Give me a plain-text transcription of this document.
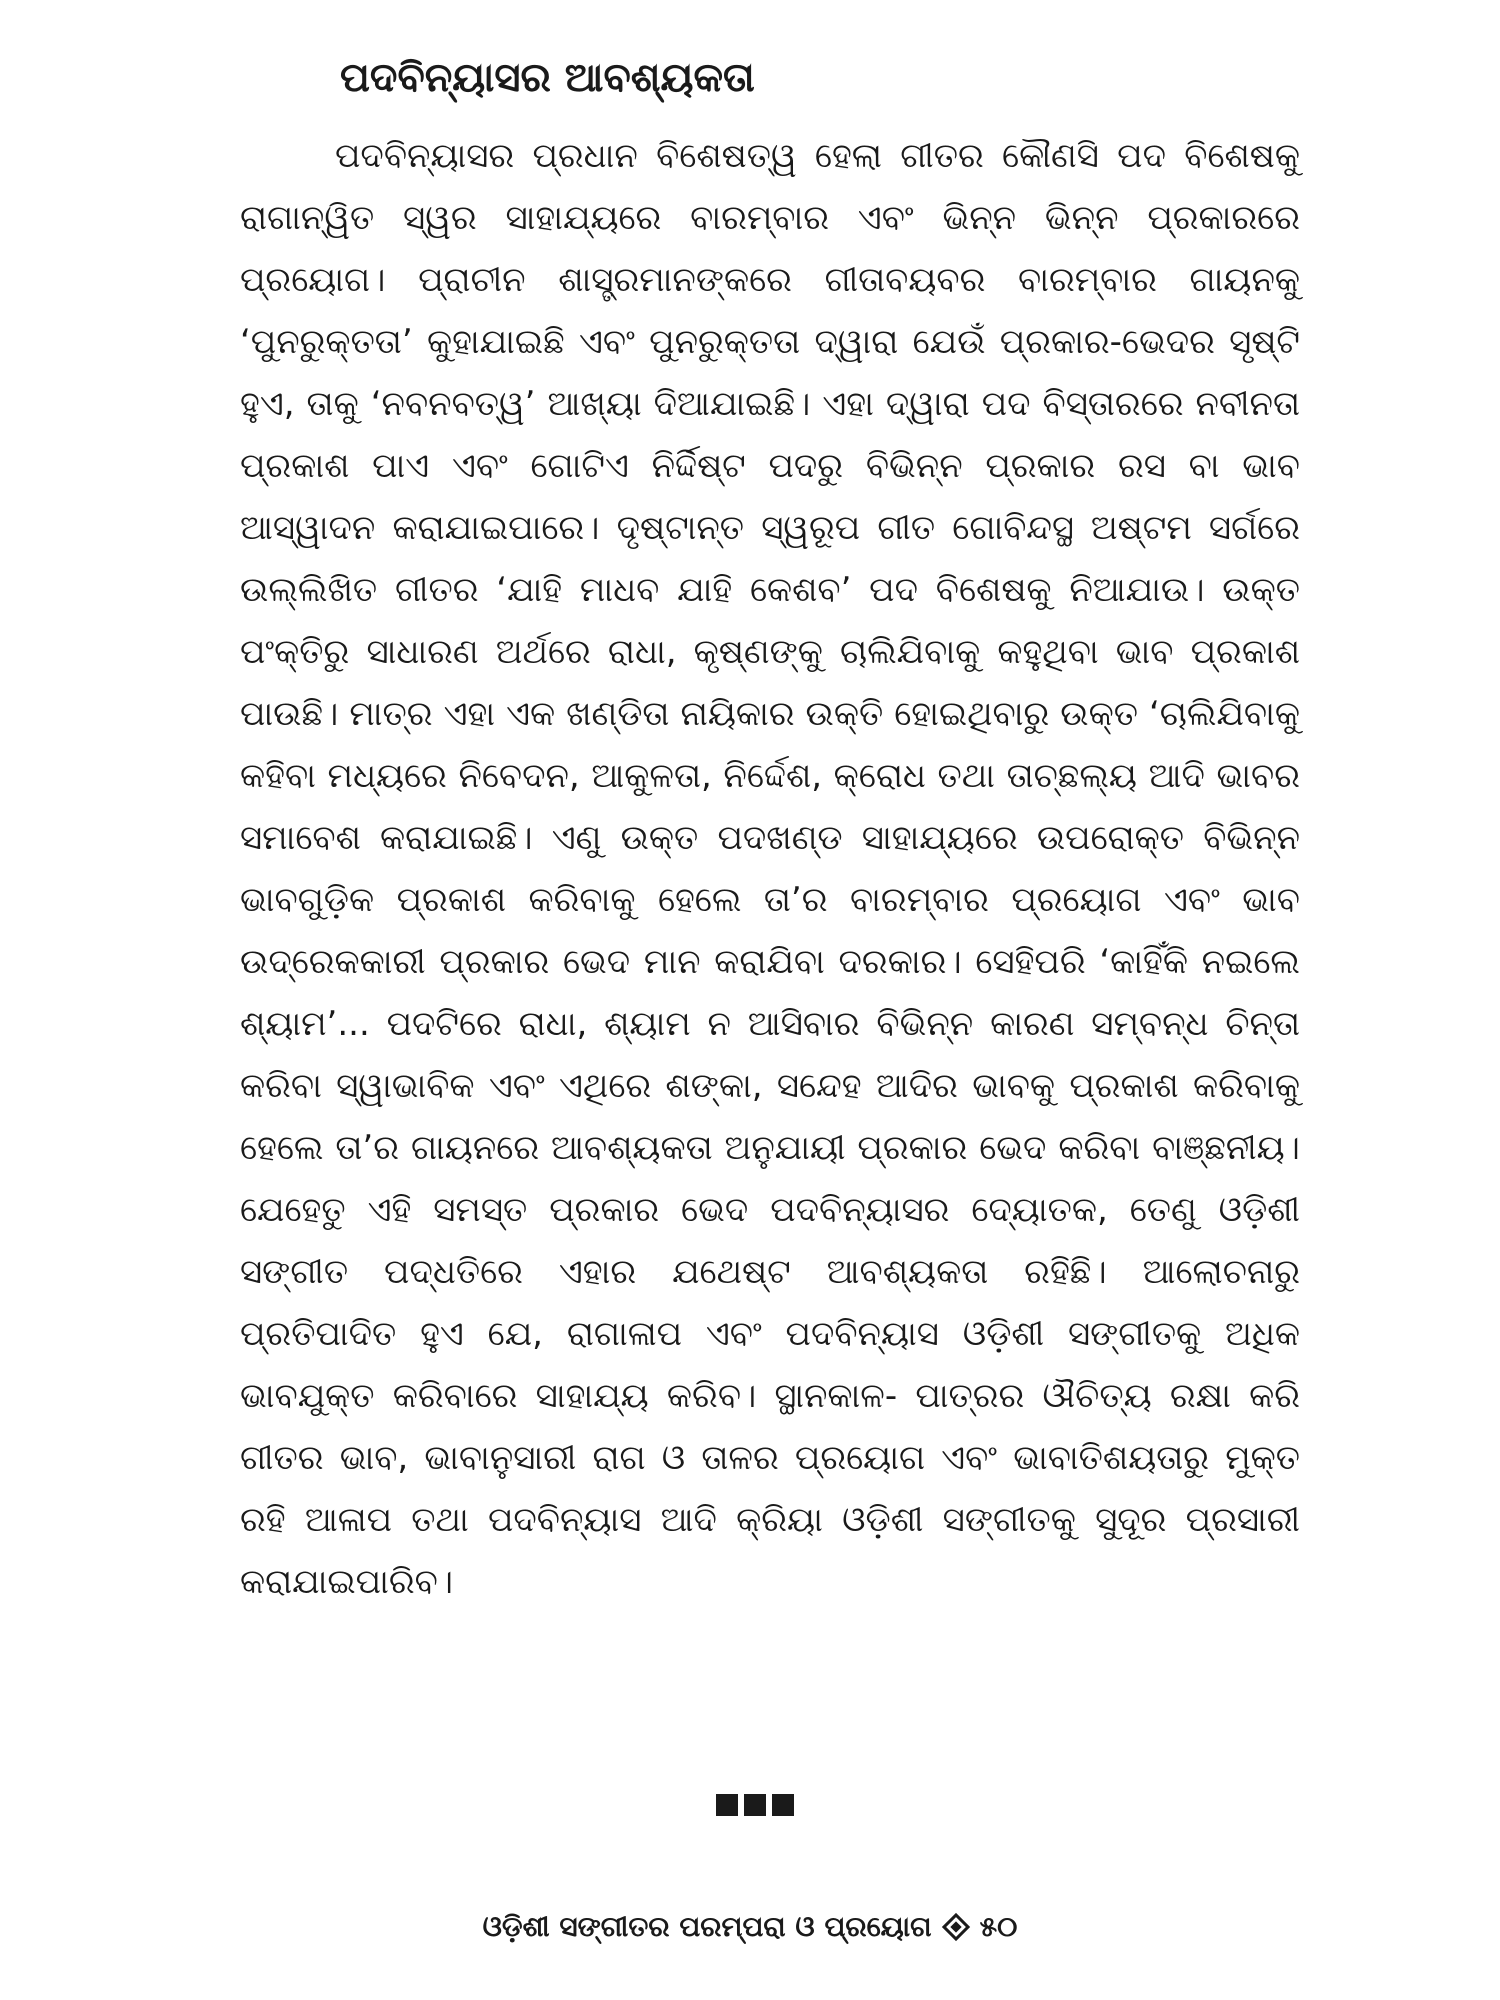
ପଦବିନ୍ୟାସର ଆବଶ୍ୟକତା

ପଦବିନ୍ୟାସର ପ୍ରଧାନ ବିଶେଷତ୍ୱ ହେଲା ଗୀତର କୌଣସି ପଦ ବିଶେଷକୁ ରାଗାନ୍ୱିତ ସ୍ୱର ସାହାଯ୍ୟରେ ବାରମ୍ବାର ଏବଂ ଭିନ୍ନ ଭିନ୍ନ ପ୍ରକାରରେ ପ୍ରୟୋଗ। ପ୍ରାଚୀନ ଶାସ୍ତ୍ରମାନଙ୍କରେ ଗୀତାବୟବର ବାରମ୍ବାର ଗାୟନକୁ ‘ପୁନରୁକ୍ତତା’ କୁହାଯାଇଛି ଏବଂ ପୁନରୁକ୍ତତା ଦ୍ୱାରା ଯେଉଁ ପ୍ରକାର-ଭେଦର ସୃଷ୍ଟି ହୁଏ, ତାକୁ ‘ନବନବତ୍ୱ’ ଆଖ୍ୟା ଦିଆଯାଇଛି। ଏହା ଦ୍ୱାରା ପଦ ବିସ୍ତାରରେ ନବୀନତା ପ୍ରକାଶ ପାଏ ଏବଂ ଗୋଟିଏ ନିର୍ଦ୍ଦିଷ୍ଟ ପଦରୁ ବିଭିନ୍ନ ପ୍ରକାର ରସ ବା ଭାବ ଆସ୍ୱାଦନ କରାଯାଇପାରେ। ଦୃଷ୍ଟାନ୍ତ ସ୍ୱରୂପ ଗୀତ ଗୋବିନ୍ଦସ୍ଥ ଅଷ୍ଟମ ସର୍ଗରେ ଉଲ୍ଲିଖିତ ଗୀତର ‘ଯାହି ମାଧବ ଯାହି କେଶବ’ ପଦ ବିଶେଷକୁ ନିଆଯାଉ। ଉକ୍ତ ପଂକ୍ତିରୁ ସାଧାରଣ ଅର୍ଥରେ ରାଧା, କୃଷ୍ଣଙ୍କୁ ଚାଲିଯିବାକୁ କହୁଥିବା ଭାବ ପ୍ରକାଶ ପାଉଛି। ମାତ୍ର ଏହା ଏକ ଖଣ୍ଡିତା ନାୟିକାର ଉକ୍ତି ହୋଇଥିବାରୁ ଉକ୍ତ ‘ଚାଲିଯିବାକୁ କହିବା ମଧ୍ୟରେ ନିବେଦନ, ଆକୁଳତା, ନିର୍ଦ୍ଦେଶ, କ୍ରୋଧ ତଥା ତାଚ୍ଛଲ୍ୟ ଆଦି ଭାବର ସମାବେଶ କରାଯାଇଛି। ଏଣୁ ଉକ୍ତ ପଦଖଣ୍ଡ ସାହାଯ୍ୟରେ ଉପରୋକ୍ତ ବିଭିନ୍ନ ଭାବଗୁଡ଼ିକ ପ୍ରକାଶ କରିବାକୁ ହେଲେ ତା’ର ବାରମ୍ବାର ପ୍ରୟୋଗ ଏବଂ ଭାବ ଉଦ୍ରେକକାରୀ ପ୍ରକାର ଭେଦ ମାନ କରାଯିବା ଦରକାର। ସେହିପରି ‘କାହିଁକି ନଇଲେ ଶ୍ୟାମ’... ପଦଟିରେ ରାଧା, ଶ୍ୟାମ ନ ଆସିବାର ବିଭିନ୍ନ କାରଣ ସମ୍ବନ୍ଧ ଚିନ୍ତା କରିବା ସ୍ୱାଭାବିକ ଏବଂ ଏଥିରେ ଶଙ୍କା, ସନ୍ଦେହ ଆଦିର ଭାବକୁ ପ୍ରକାଶ କରିବାକୁ ହେଲେ ତା’ର ଗାୟନରେ ଆବଶ୍ୟକତା ଅନୁଯାୟୀ ପ୍ରକାର ଭେଦ କରିବା ବାଞ୍ଛନୀୟ। ଯେହେତୁ ଏହି ସମସ୍ତ ପ୍ରକାର ଭେଦ ପଦବିନ୍ୟାସର ଦ୍ୟୋତକ, ତେଣୁ ଓଡ଼ିଶୀ ସଙ୍ଗୀତ ପଦ୍ଧତିରେ ଏହାର ଯଥେଷ୍ଟ ଆବଶ୍ୟକତା ରହିଛି। ଆଲୋଚନାରୁ ପ୍ରତିପାଦିତ ହୁଏ ଯେ, ରାଗାଳାପ ଏବଂ ପଦବିନ୍ୟାସ ଓଡ଼ିଶୀ ସଙ୍ଗୀତକୁ ଅଧିକ ଭାବଯୁକ୍ତ କରିବାରେ ସାହାଯ୍ୟ କରିବ। ସ୍ଥାନକାଳ- ପାତ୍ରର ଔଚିତ୍ୟ ରକ୍ଷା କରି ଗୀତର ଭାବ, ଭାବାନୁସାରୀ ରାଗ ଓ ତାଳର ପ୍ରୟୋଗ ଏବଂ ଭାବାତିଶୟତାରୁ ମୁକ୍ତ ରହି ଆଳାପ ତଥା ପଦବିନ୍ୟାସ ଆଦି କ୍ରିୟା ଓଡ଼ିଶୀ ସଙ୍ଗୀତକୁ ସୁଦୂର ପ୍ରସାରୀ କରାଯାଇପାରିବ।

ଓଡ଼ିଶୀ ସଙ୍ଗୀତର ପରମ୍ପରା ଓ ପ୍ରୟୋଗ ୫୦
